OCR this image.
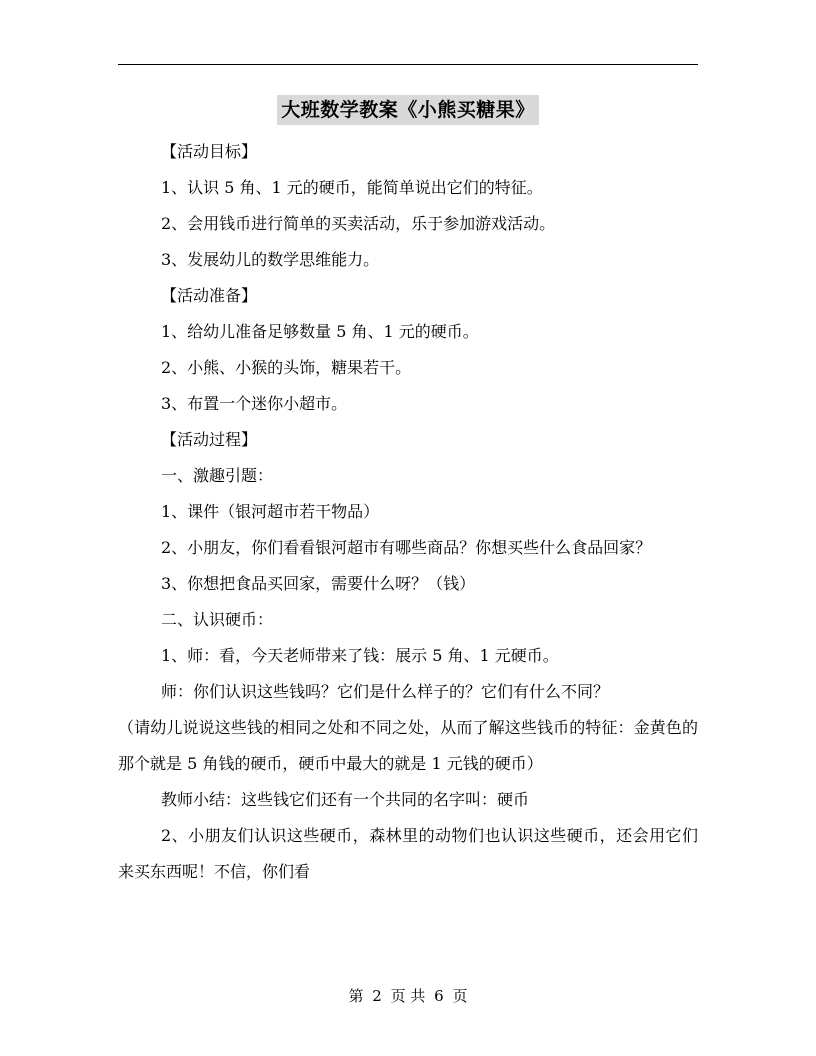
大班数学教案《小熊买糖果》

【活动目标】

1、认识 5 角、1 元的硬币，能简单说出它们的特征。

2、会用钱币进行简单的买卖活动，乐于参加游戏活动。

3、发展幼儿的数学思维能力。

【活动准备】

1、给幼儿准备足够数量 5 角、1 元的硬币。

2、小熊、小猴的头饰，糖果若干。

3、布置一个迷你小超市。

【活动过程】

一、激趣引题：

1、课件（银河超市若干物品）

2、小朋友，你们看看银河超市有哪些商品？你想买些什么食品回家？

3、你想把食品买回家，需要什么呀？（钱）

二、认识硬币：

1、师：看，今天老师带来了钱：展示 5 角、1 元硬币。

师：你们认识这些钱吗？它们是什么样子的？它们有什么不同？

（请幼儿说说这些钱的相同之处和不同之处，从而了解这些钱币的特征：金黄色的那个就是 5 角钱的硬币，硬币中最大的就是 1 元钱的硬币）

教师小结：这些钱它们还有一个共同的名字叫：硬币

2、小朋友们认识这些硬币，森林里的动物们也认识这些硬币，还会用它们来买东西呢！不信，你们看

第 2 页 共 6 页
